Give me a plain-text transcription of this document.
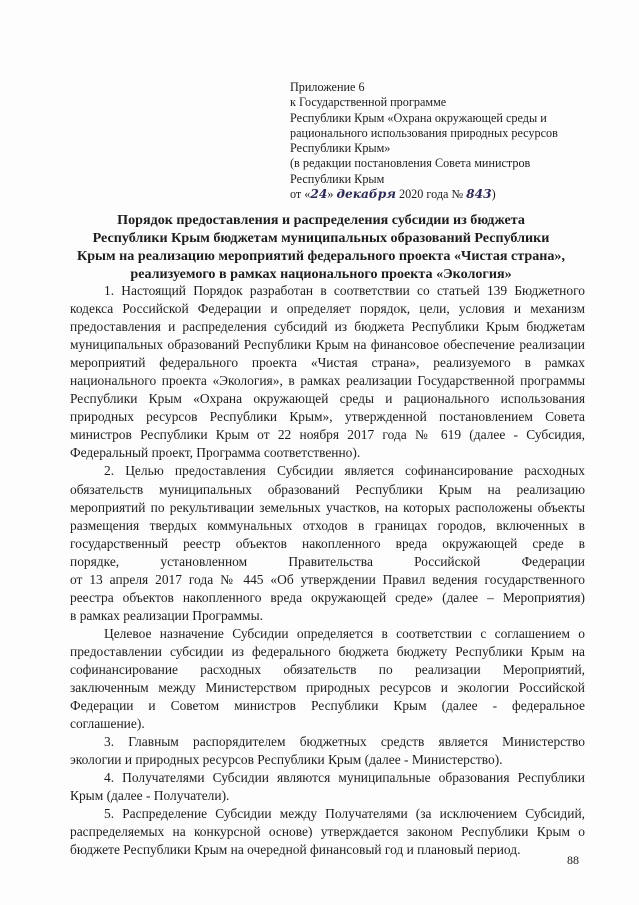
Приложение 6
к Государственной программе
Республики Крым «Охрана окружающей среды и
рационального использования природных ресурсов
Республики Крым»
(в редакции постановления Совета министров
Республики Крым
от «24» декабря 2020 года № 843)
Порядок предоставления и распределения субсидии из бюджета
Республики Крым бюджетам муниципальных образований Республики
Крым на реализацию мероприятий федерального проекта «Чистая страна»,
реализуемого в рамках национального проекта «Экология»
1. Настоящий Порядок разработан в соответствии со статьей 139 Бюджетного
кодекса Российской Федерации и определяет порядок, цели, условия и механизм
предоставления и распределения субсидий из бюджета Республики Крым бюджетам
муниципальных образований Республики Крым на финансовое обеспечение реализации
мероприятий федерального проекта «Чистая страна», реализуемого в рамках
национального проекта «Экология», в рамках реализации Государственной программы
Республики Крым «Охрана окружающей среды и рационального использования
природных ресурсов Республики Крым», утвержденной постановлением Совета
министров Республики Крым от 22 ноября 2017 года № 619 (далее - Субсидия,
Федеральный проект, Программа соответственно).
2. Целью предоставления Субсидии является софинансирование расходных
обязательств муниципальных образований Республики Крым на реализацию
мероприятий по рекультивации земельных участков, на которых расположены объекты
размещения твердых коммунальных отходов в границах городов, включенных в
государственный реестр объектов накопленного вреда окружающей среде в
порядке, установленном Правительства Российской Федерации
от 13 апреля 2017 года № 445 «Об утверждении Правил ведения государственного
реестра объектов накопленного вреда окружающей среде» (далее – Мероприятия)
в рамках реализации Программы.
Целевое назначение Субсидии определяется в соответствии с соглашением о
предоставлении субсидии из федерального бюджета бюджету Республики Крым на
софинансирование расходных обязательств по реализации Мероприятий,
заключенным между Министерством природных ресурсов и экологии Российской
Федерации и Советом министров Республики Крым (далее - федеральное
соглашение).
3. Главным распорядителем бюджетных средств является Министерство
экологии и природных ресурсов Республики Крым (далее - Министерство).
4. Получателями Субсидии являются муниципальные образования Республики
Крым (далее - Получатели).
5. Распределение Субсидии между Получателями (за исключением Субсидий,
распределяемых на конкурсной основе) утверждается законом Республики Крым о
бюджете Республики Крым на очередной финансовый год и плановый период.
88
